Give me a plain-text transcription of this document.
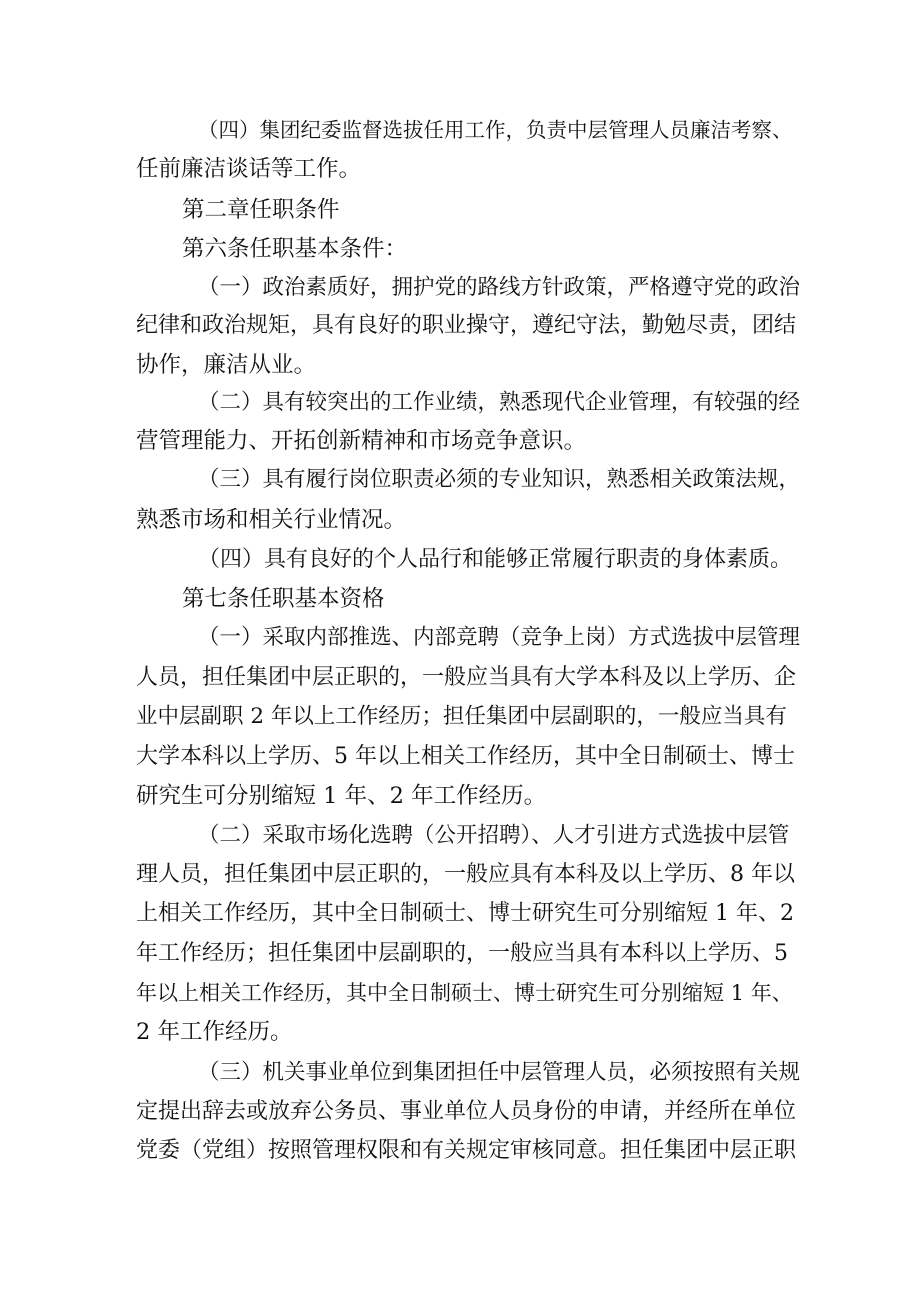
（四）集团纪委监督选拔任用工作，负责中层管理人员廉洁考察、
任前廉洁谈话等工作。
第二章任职条件
第六条任职基本条件：
（一）政治素质好，拥护党的路线方针政策，严格遵守党的政治
纪律和政治规矩，具有良好的职业操守，遵纪守法，勤勉尽责，团结
协作，廉洁从业。
（二）具有较突出的工作业绩，熟悉现代企业管理，有较强的经
营管理能力、开拓创新精神和市场竞争意识。
（三）具有履行岗位职责必须的专业知识，熟悉相关政策法规，
熟悉市场和相关行业情况。
（四）具有良好的个人品行和能够正常履行职责的身体素质。
第七条任职基本资格
（一）采取内部推选、内部竞聘（竞争上岗）方式选拔中层管理
人员，担任集团中层正职的，一般应当具有大学本科及以上学历、企
业中层副职 2 年以上工作经历；担任集团中层副职的，一般应当具有
大学本科以上学历、5 年以上相关工作经历，其中全日制硕士、博士
研究生可分别缩短 1 年、2 年工作经历。
（二）采取市场化选聘（公开招聘）、人才引进方式选拔中层管
理人员，担任集团中层正职的，一般应具有本科及以上学历、8 年以
上相关工作经历，其中全日制硕士、博士研究生可分别缩短 1 年、2
年工作经历；担任集团中层副职的，一般应当具有本科以上学历、5
年以上相关工作经历，其中全日制硕士、博士研究生可分别缩短 1 年、
2 年工作经历。
（三）机关事业单位到集团担任中层管理人员，必须按照有关规
定提出辞去或放弃公务员、事业单位人员身份的申请，并经所在单位
党委（党组）按照管理权限和有关规定审核同意。担任集团中层正职
